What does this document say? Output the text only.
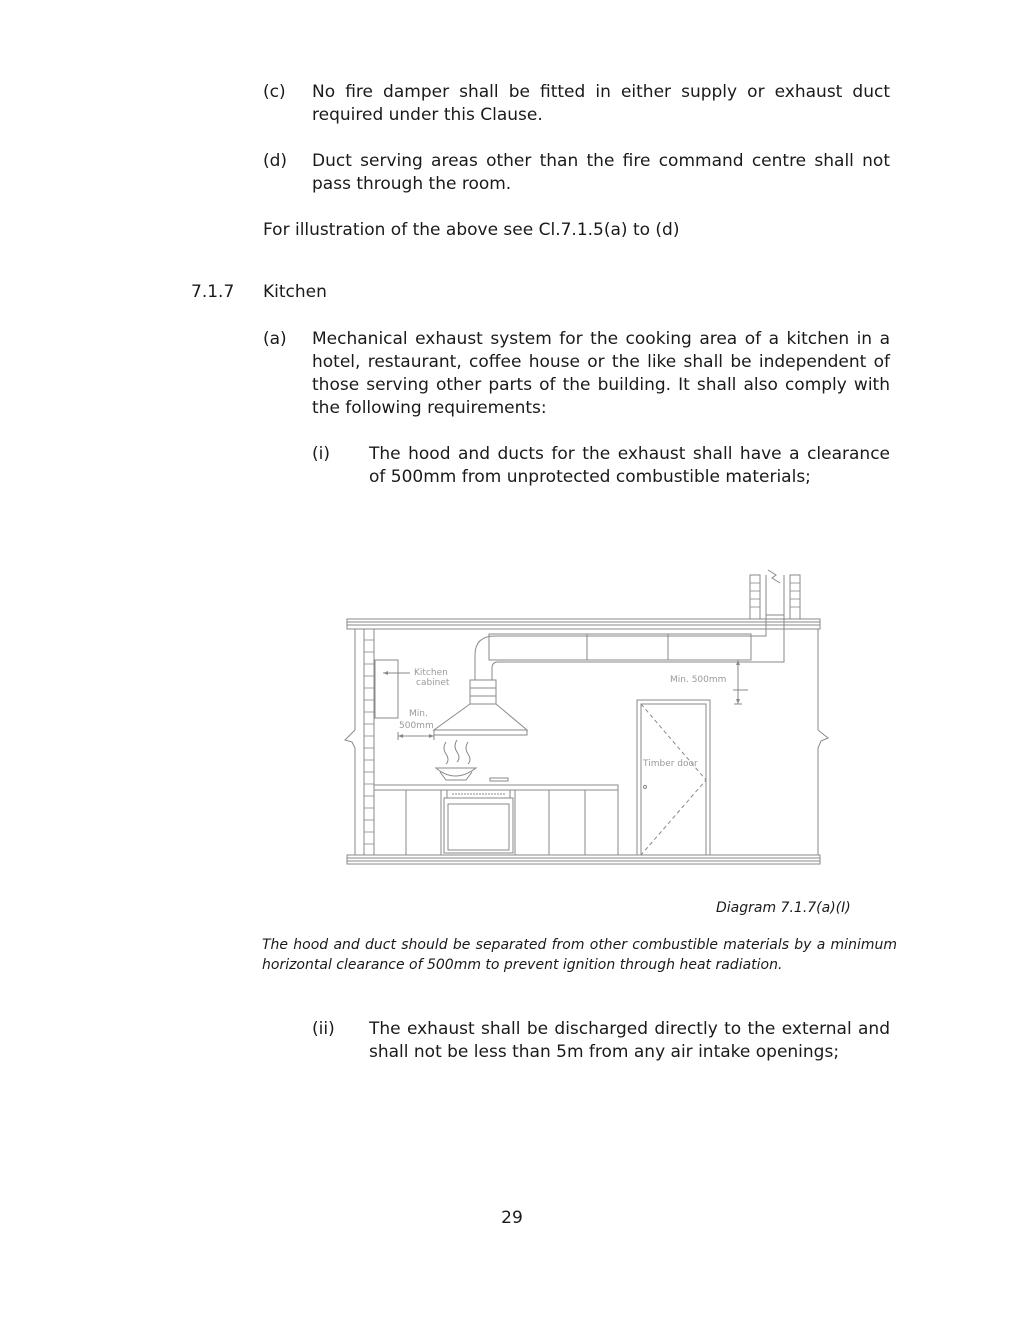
(c) No fire damper shall be fitted in either supply or exhaust duct required under this Clause.
(d) Duct serving areas other than the fire command centre shall not pass through the room.
For illustration of the above see Cl.7.1.5(a) to (d)
7.1.7 Kitchen
(a) Mechanical exhaust system for the cooking area of a kitchen in a hotel, restaurant, coffee house or the like shall be independent of those serving other parts of the building. It shall also comply with the following requirements:
(i) The hood and ducts for the exhaust shall have a clearance of 500mm from unprotected combustible materials;
Kitchen
cabinet
Min.
500mm
Min. 500mm
Timber door
Diagram 7.1.7(a)(I)
The hood and duct should be separated from other combustible materials by a minimum horizontal clearance of 500mm to prevent ignition through heat radiation.
(ii) The exhaust shall be discharged directly to the external and shall not be less than 5m from any air intake openings;
29
